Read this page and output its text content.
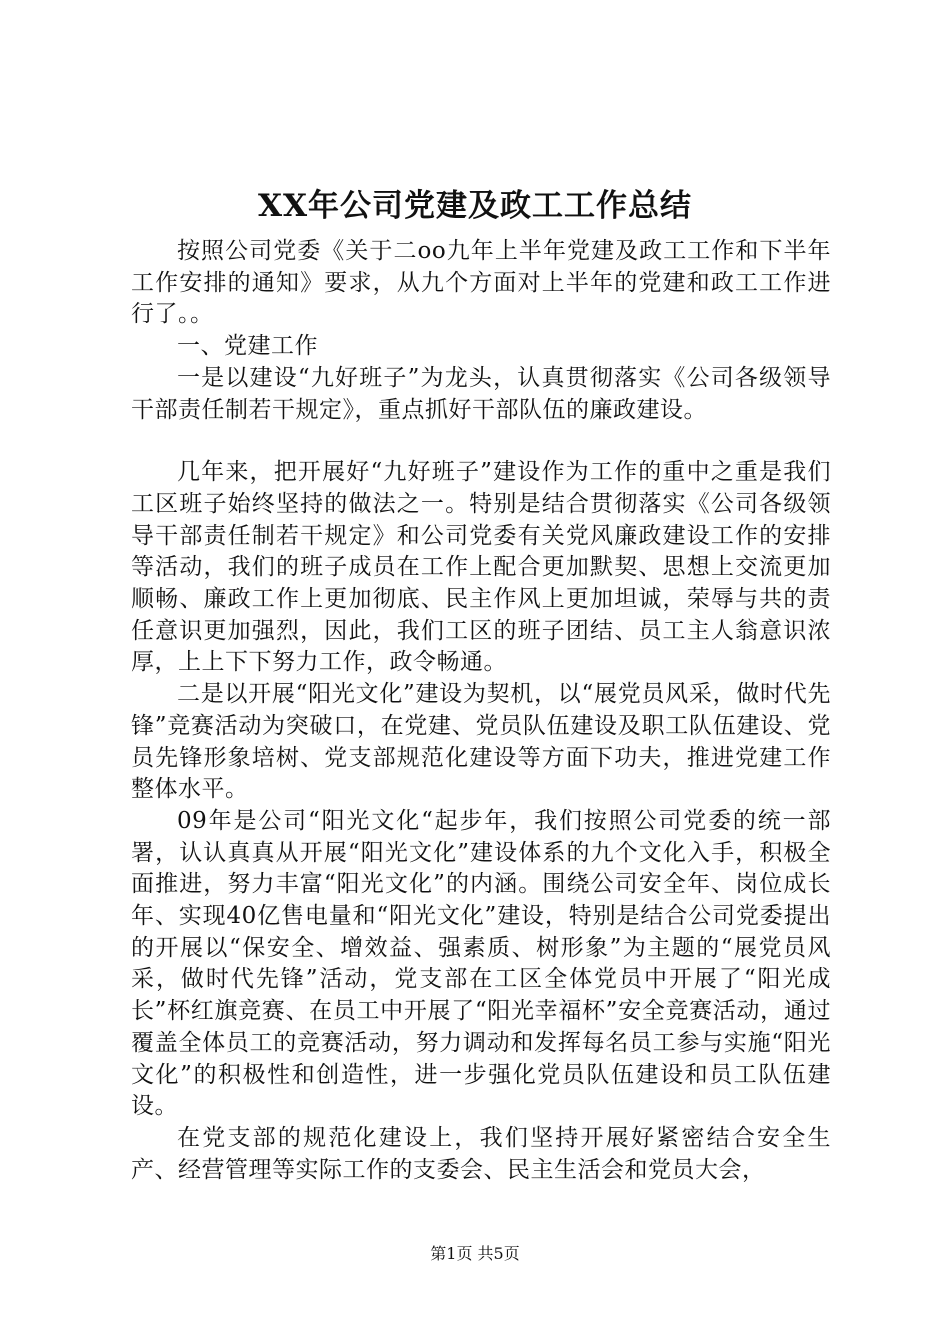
XX年公司党建及政工工作总结

按照公司党委《关于二oo九年上半年党建及政工工作和下半年工作安排的通知》要求，从九个方面对上半年的党建和政工工作进行了。。

一、党建工作

一是以建设“九好班子”为龙头，认真贯彻落实《公司各级领导干部责任制若干规定》，重点抓好干部队伍的廉政建设。

几年来，把开展好“九好班子”建设作为工作的重中之重是我们工区班子始终坚持的做法之一。特别是结合贯彻落实《公司各级领导干部责任制若干规定》和公司党委有关党风廉政建设工作的安排等活动，我们的班子成员在工作上配合更加默契、思想上交流更加顺畅、廉政工作上更加彻底、民主作风上更加坦诚，荣辱与共的责任意识更加强烈，因此，我们工区的班子团结、员工主人翁意识浓厚，上上下下努力工作，政令畅通。

二是以开展“阳光文化”建设为契机，以“展党员风采，做时代先锋”竞赛活动为突破口，在党建、党员队伍建设及职工队伍建设、党员先锋形象培树、党支部规范化建设等方面下功夫，推进党建工作整体水平。

09年是公司“阳光文化“起步年，我们按照公司党委的统一部署，认认真真从开展“阳光文化”建设体系的九个文化入手，积极全面推进，努力丰富“阳光文化”的内涵。围绕公司安全年、岗位成长年、实现40亿售电量和“阳光文化”建设，特别是结合公司党委提出的开展以“保安全、增效益、强素质、树形象”为主题的“展党员风采，做时代先锋”活动，党支部在工区全体党员中开展了“阳光成长”杯红旗竞赛、在员工中开展了“阳光幸福杯”安全竞赛活动，通过覆盖全体员工的竞赛活动，努力调动和发挥每名员工参与实施“阳光文化”的积极性和创造性，进一步强化党员队伍建设和员工队伍建设。

在党支部的规范化建设上，我们坚持开展好紧密结合安全生产、经营管理等实际工作的支委会、民主生活会和党员大会，

第1页 共5页
